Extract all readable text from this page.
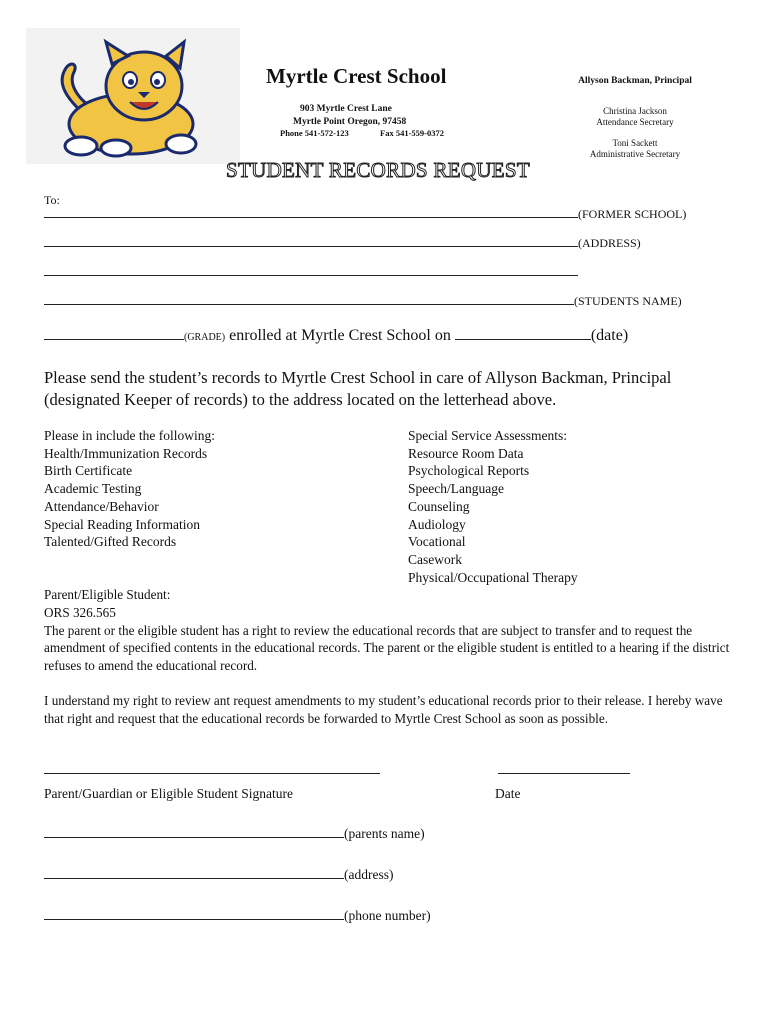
Myrtle Crest School
903 Myrtle Crest Lane
Myrtle Point Oregon, 97458
Phone 541-572-123	Fax 541-559-0372
Allyson Backman, Principal
Christina Jackson
Attendance Secretary
Toni Sackett
Administrative Secretary
STUDENT RECORDS REQUEST
To:
(FORMER SCHOOL)
(ADDRESS)
(STUDENTS NAME)
(GRADE) enrolled at Myrtle Crest School on	(date)
Please send the student’s records to Myrtle Crest School in care of Allyson Backman, Principal (designated Keeper of records) to the address located on the letterhead above.
Please in include the following:
Health/Immunization Records
Birth Certificate
Academic Testing
Attendance/Behavior
Special Reading Information
Talented/Gifted Records
Special Service Assessments:
Resource Room Data
Psychological Reports
Speech/Language
Counseling
Audiology
Vocational
Casework
Physical/Occupational Therapy
Parent/Eligible Student:
ORS 326.565
The parent or the eligible student has a right to review the educational records that are subject to transfer and to request the amendment of specified contents in the educational records. The parent or the eligible student is entitled to a hearing if the district refuses to amend the educational record.
I understand my right to review ant request amendments to my student’s educational records prior to their release. I hereby wave that right and request that the educational records be forwarded to Myrtle Crest School as soon as possible.
Parent/Guardian or Eligible Student Signature	Date
(parents name)
(address)
(phone number)
